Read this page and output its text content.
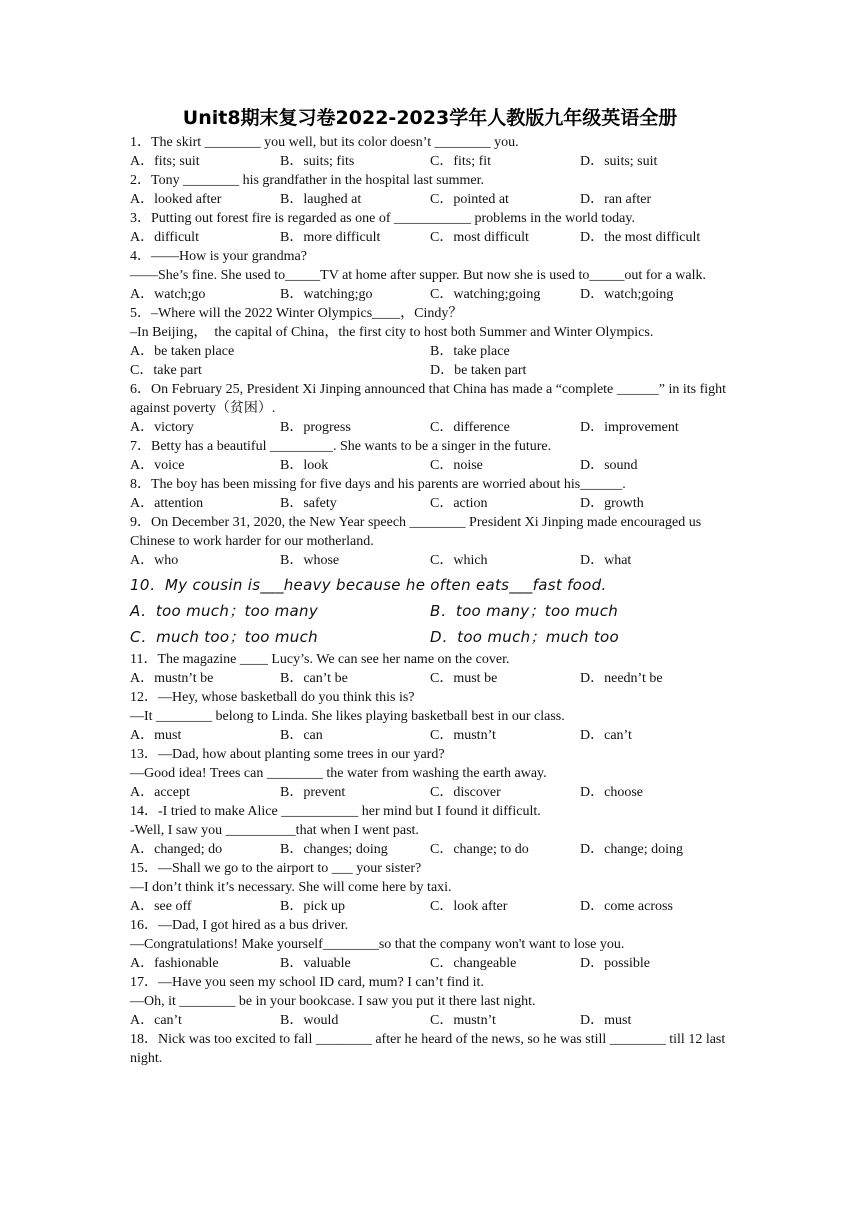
Unit8期末复习卷2022-2023学年人教版九年级英语全册
1．The skirt ________ you well, but its color doesn’t ________ you.
A．fits; suit	B．suits; fits	C．fits; fit	D．suits; suit
2．Tony ________ his grandfather in the hospital last summer.
A．looked after	B．laughed at	C．pointed at	D．ran after
3．Putting out forest fire is regarded as one of ___________ problems in the world today.
A．difficult	B．more difficult	C．most difficult	D．the most difficult
4．——How is your grandma?
——She’s fine. She used to_____TV at home after supper. But now she is used to_____out for a walk.
A．watch;go	B．watching;go	C．watching;going	D．watch;going
5．–Where will the 2022 Winter Olympics____，Cindy？
–In Beijing，  the capital of China，the first city to host both Summer and Winter Olympics.
A．be taken place	B．take place
C．take part	D．be taken part
6．On February 25, President Xi Jinping announced that China has made a “complete ______” in its fight against poverty（贫困）.
A．victory	B．progress	C．difference	D．improvement
7．Betty has a beautiful _________. She wants to be a singer in the future.
A．voice	B．look	C．noise	D．sound
8．The boy has been missing for five days and his parents are worried about his______.
A．attention	B．safety	C．action	D．growth
9．On December 31, 2020, the New Year speech ________ President Xi Jinping made encouraged us Chinese to work harder for our motherland.
A．who	B．whose	C．which	D．what
10．My cousin is___heavy because he often eats___fast food.
A．too much；too many	B．too many；too much
C．much too；too much	D．too much；much too
11．The magazine ____ Lucy’s. We can see her name on the cover.
A．mustn’t be	B．can’t be	C．must be	D．needn’t be
12．—Hey, whose basketball do you think this is?
—It ________ belong to Linda. She likes playing basketball best in our class.
A．must	B．can	C．mustn’t	D．can’t
13．—Dad, how about planting some trees in our yard?
—Good idea! Trees can ________ the water from washing the earth away.
A．accept	B．prevent	C．discover	D．choose
14．-I tried to make Alice ___________ her mind but I found it difficult.
-Well, I saw you __________that when I went past.
A．changed; do	B．changes; doing	C．change; to do	D．change; doing
15．—Shall we go to the airport to ___ your sister?
—I don’t think it’s necessary. She will come here by taxi.
A．see off	B．pick up	C．look after	D．come across
16．—Dad, I got hired as a bus driver.
—Congratulations! Make yourself________so that the company won't want to lose you.
A．fashionable	B．valuable	C．changeable	D．possible
17．—Have you seen my school ID card, mum? I can’t find it.
—Oh, it ________ be in your bookcase. I saw you put it there last night.
A．can’t	B．would	C．mustn’t	D．must
18．Nick was too excited to fall ________ after he heard of the news, so he was still ________ till 12 last night.
